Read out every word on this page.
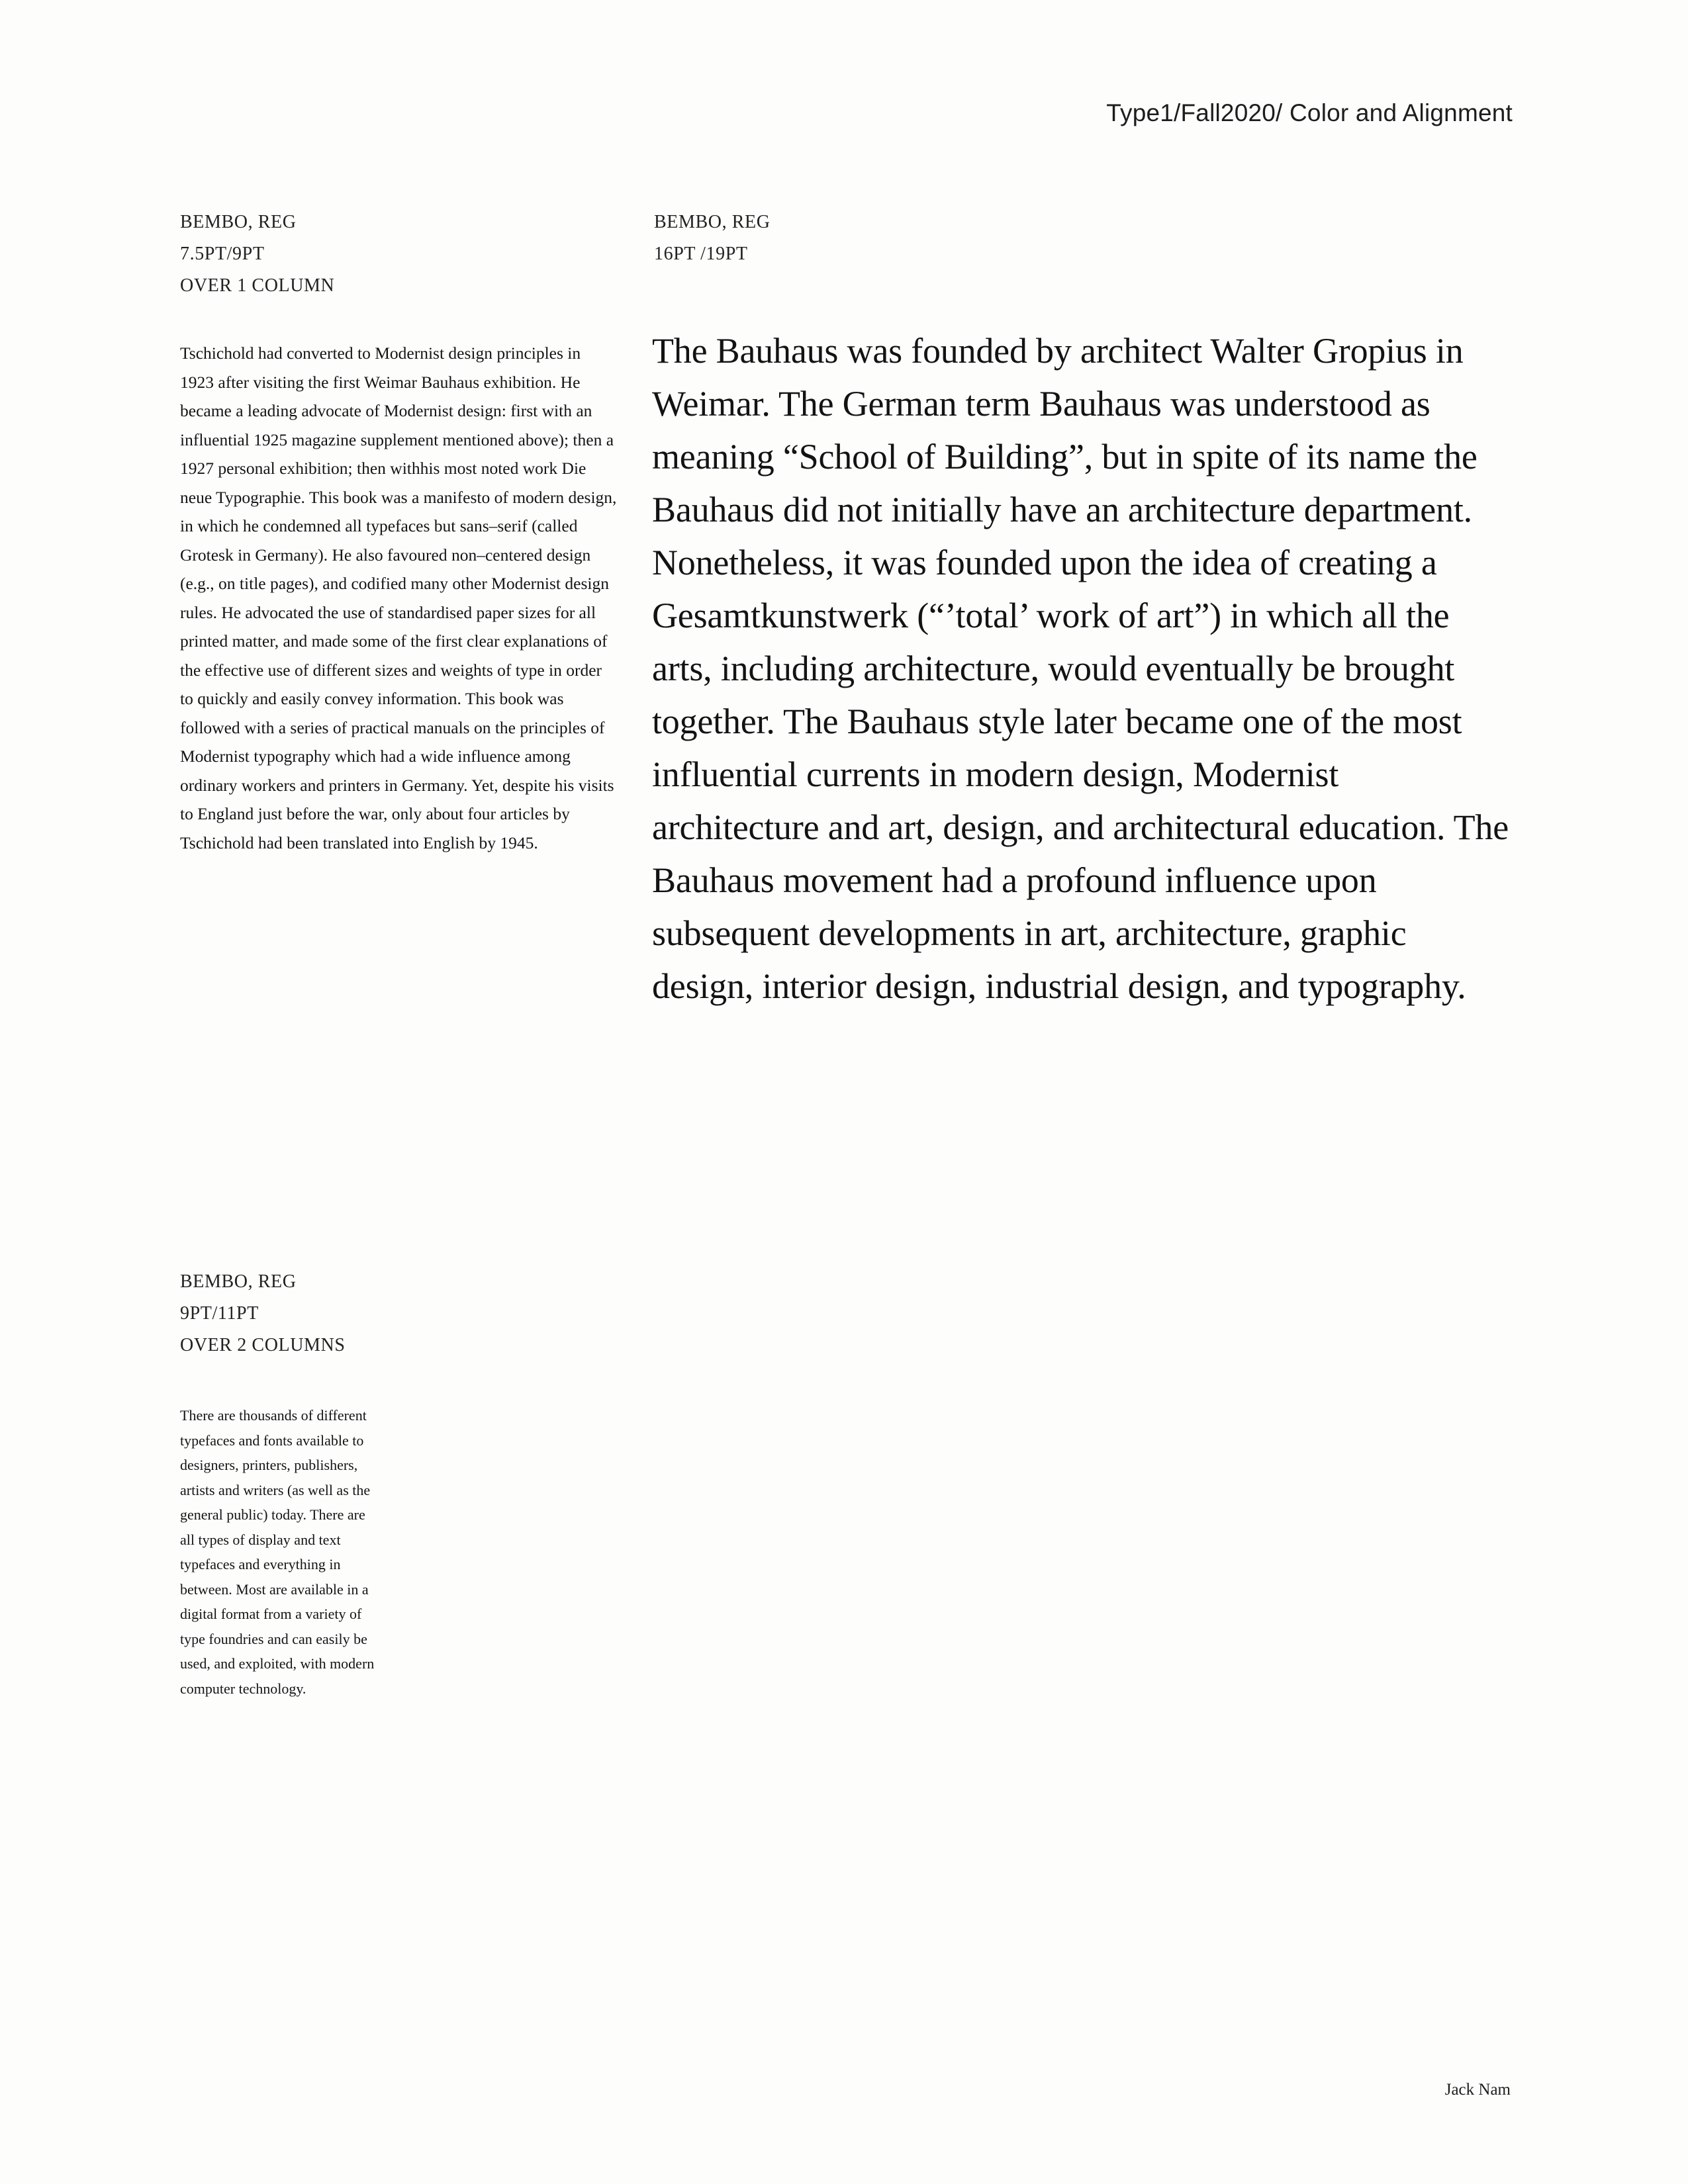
Type1/Fall2020/ Color and Alignment
BEMBO, REG
7.5PT/9PT
OVER 1 COLUMN
BEMBO, REG
16PT /19PT

Tschichold had converted to Modernist design principles in 1923 after visiting the first Weimar Bauhaus exhibition. He became a leading advocate of Modernist design: first with an influential 1925 magazine supplement mentioned above); then a 1927 personal exhibition; then withhis most noted work Die neue Typographie. This book was a manifesto of modern design, in which he condemned all typefaces but sans–serif (called Grotesk in Germany). He also favoured non–centered design (e.g., on title pages), and codified many other Modernist design rules. He advocated the use of standardised paper sizes for all printed matter, and made some of the first clear explanations of the effective use of different sizes and weights of type in order to quickly and easily convey information. This book was followed with a series of practical manuals on the principles of Modernist typography which had a wide influence among ordinary workers and printers in Germany. Yet, despite his visits to England just before the war, only about four articles by Tschichold had been translated into English by 1945.

The Bauhaus was founded by architect Walter Gropius in Weimar. The German term Bauhaus was understood as meaning “School of Building”, but in spite of its name the Bauhaus did not initially have an architecture department. Nonetheless, it was founded upon the idea of creating a Gesamtkunstwerk (“’total’ work of art”) in which all the arts, including architecture, would eventually be brought together. The Bauhaus style later became one of the most influential currents in modern design, Modernist architecture and art, design, and architectural education. The Bauhaus movement had a profound influence upon subsequent developments in art, architecture, graphic design, interior design, industrial design, and typography.

BEMBO, REG
9PT/11PT
OVER 2 COLUMNS

There are thousands of different typefaces and fonts available to designers, printers, publishers, artists and writers (as well as the general public) today. There are all types of display and text typefaces and everything in between. Most are available in a digital format from a variety of type foundries and can easily be used, and exploited, with modern computer technology.

Jack Nam
